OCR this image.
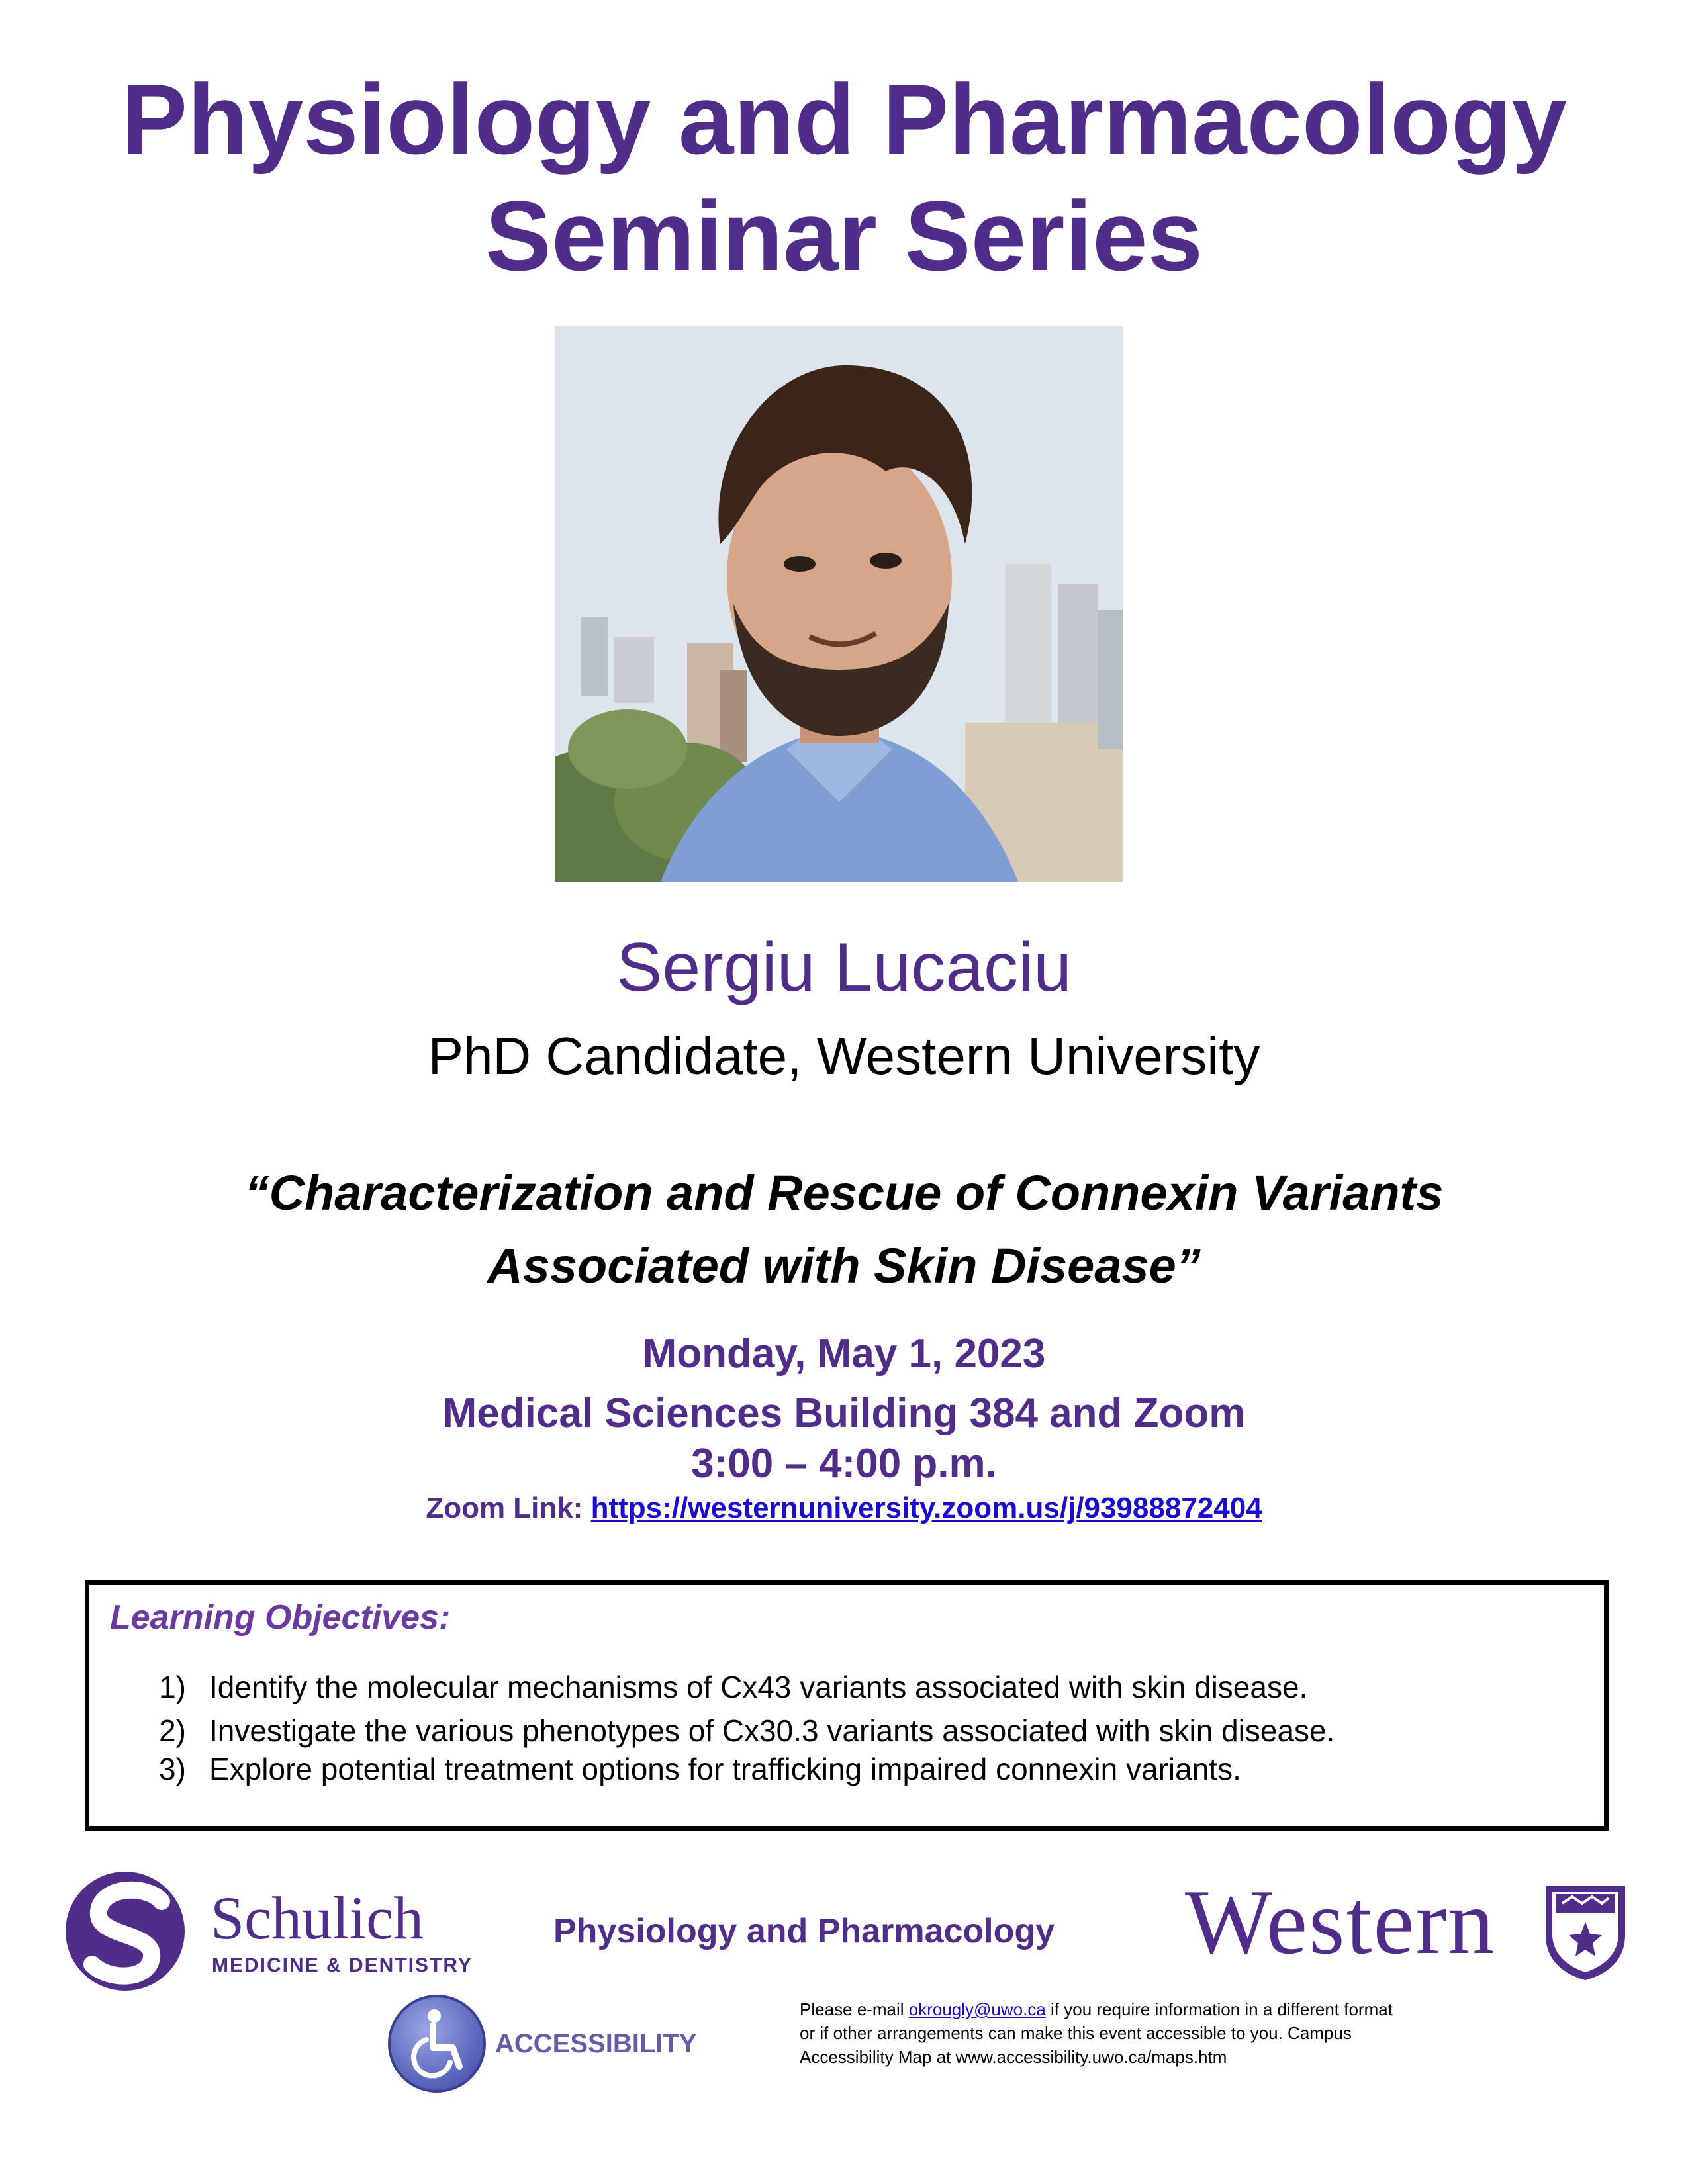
Physiology and Pharmacology
Seminar Series
Sergiu Lucaciu
PhD Candidate, Western University
“Characterization and Rescue of Connexin Variants
Associated with Skin Disease”
Monday, May 1, 2023
Medical Sciences Building 384 and Zoom
3:00 – 4:00 p.m.
Zoom Link: https://westernuniversity.zoom.us/j/93988872404
Learning Objectives:
1) Identify the molecular mechanisms of Cx43 variants associated with skin disease.
2) Investigate the various phenotypes of Cx30.3 variants associated with skin disease.
3) Explore potential treatment options for trafficking impaired connexin variants.
Schulich
MEDICINE & DENTISTRY
Physiology and Pharmacology Western
ACCESSIBILITY
Please e-mail okrougly@uwo.ca if you require information in a different format
or if other arrangements can make this event accessible to you. Campus
Accessibility Map at www.accessibility.uwo.ca/maps.htm
